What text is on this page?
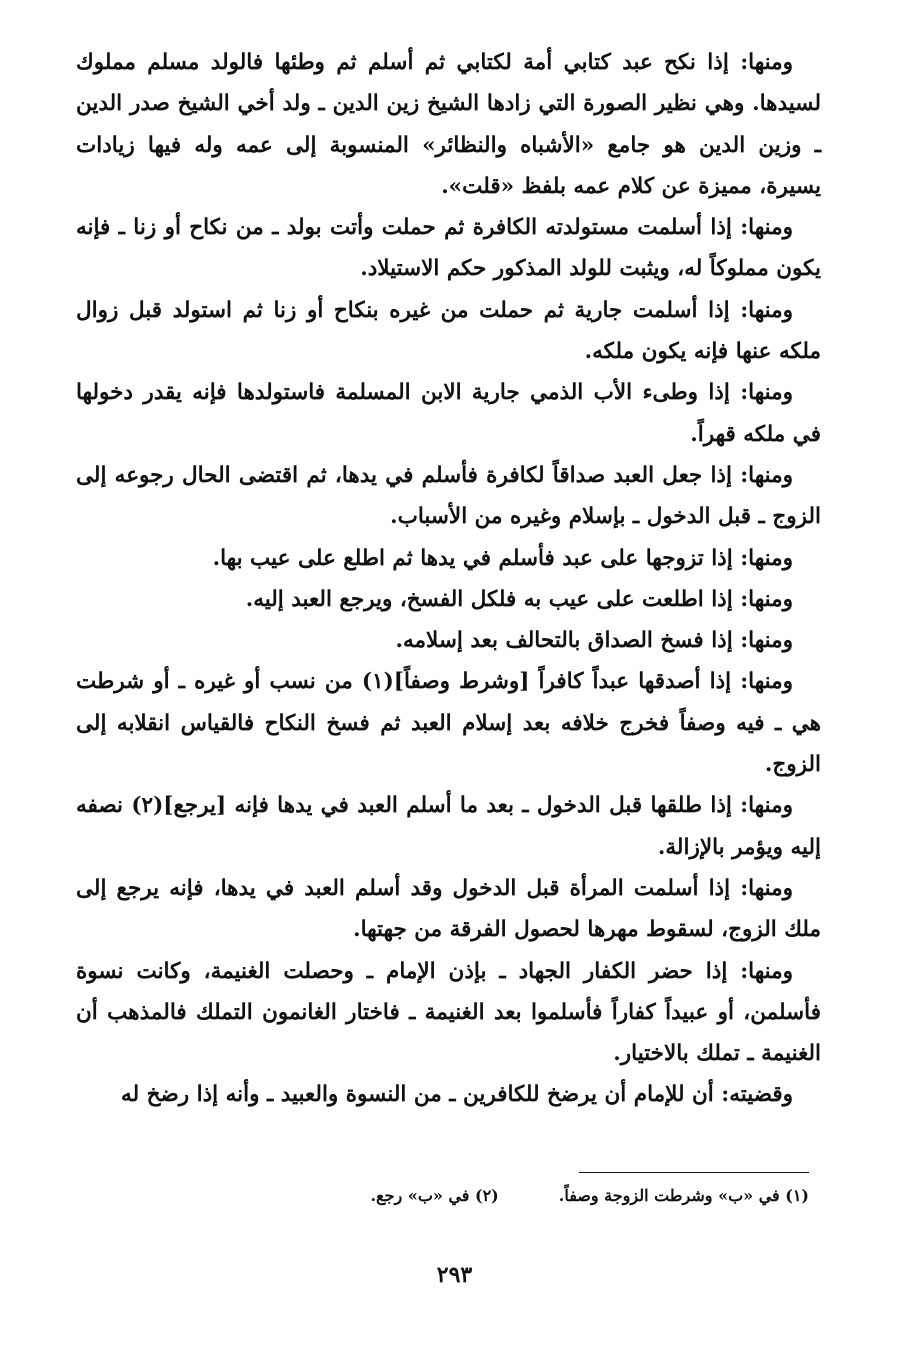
ومنها: إذا نكح عبد كتابي أمة لكتابي ثم أسلم ثم وطئها فالولد مسلم مملوك لسيدها. وهي نظير الصورة التي زادها الشيخ زين الدين ـ ولد أخي الشيخ صدر الدين ـ وزين الدين هو جامع «الأشباه والنظائر» المنسوبة إلى عمه وله فيها زيادات يسيرة، مميزة عن كلام عمه بلفظ «قلت».

ومنها: إذا أسلمت مستولدته الكافرة ثم حملت وأتت بولد ـ من نكاح أو زنا ـ فإنه يكون مملوكاً له، ويثبت للولد المذكور حكم الاستيلاد.

ومنها: إذا أسلمت جارية ثم حملت من غيره بنكاح أو زنا ثم استولد قبل زوال ملكه عنها فإنه يكون ملكه.

ومنها: إذا وطىء الأب الذمي جارية الابن المسلمة فاستولدها فإنه يقدر دخولها في ملكه قهراً.

ومنها: إذا جعل العبد صداقاً لكافرة فأسلم في يدها، ثم اقتضى الحال رجوعه إلى الزوج ـ قبل الدخول ـ بإسلام وغيره من الأسباب.

ومنها: إذا تزوجها على عبد فأسلم في يدها ثم اطلع على عيب بها.

ومنها: إذا اطلعت على عيب به فلكل الفسخ، ويرجع العبد إليه.

ومنها: إذا فسخ الصداق بالتحالف بعد إسلامه.

ومنها: إذا أصدقها عبداً كافراً [وشرط وصفاً](١) من نسب أو غيره ـ أو شرطت هي ـ فيه وصفاً فخرج خلافه بعد إسلام العبد ثم فسخ النكاح فالقياس انقلابه إلى الزوج.

ومنها: إذا طلقها قبل الدخول ـ بعد ما أسلم العبد في يدها فإنه [يرجع](٢) نصفه إليه ويؤمر بالإزالة.

ومنها: إذا أسلمت المرأة قبل الدخول وقد أسلم العبد في يدها، فإنه يرجع إلى ملك الزوج، لسقوط مهرها لحصول الفرقة من جهتها.

ومنها: إذا حضر الكفار الجهاد ـ بإذن الإمام ـ وحصلت الغنيمة، وكانت نسوة فأسلمن، أو عبيداً كفاراً فأسلموا بعد الغنيمة ـ فاختار الغانمون التملك فالمذهب أن الغنيمة ـ تملك بالاختيار.

وقضيته: أن للإمام أن يرضخ للكافرين ـ من النسوة والعبيد ـ وأنه إذا رضخ له

(١) في «ب» وشرطت الزوجة وصفاً.
(٢) في «ب» رجع.
٢٩٣
